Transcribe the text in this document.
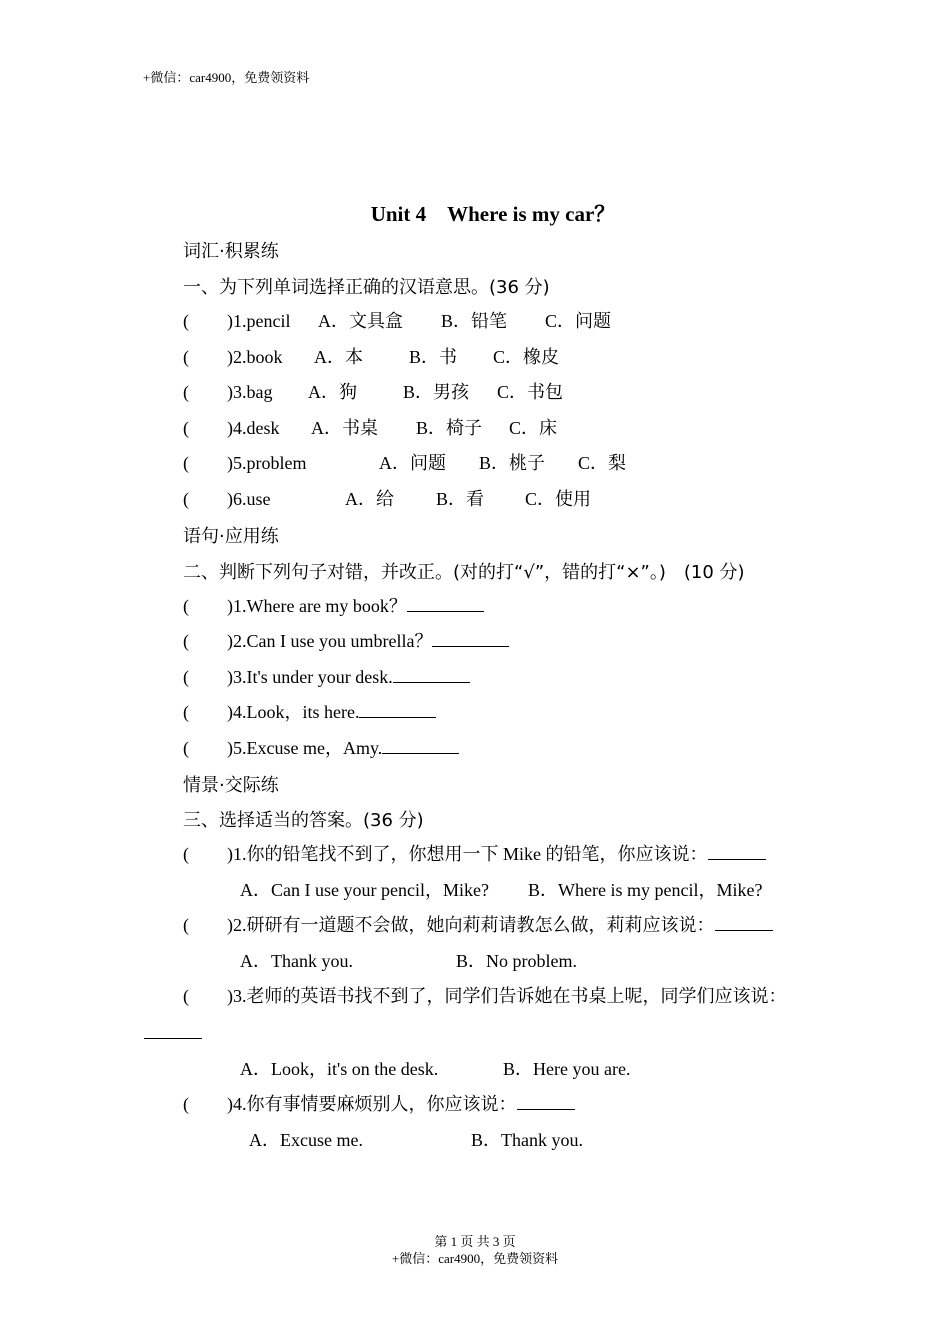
+微信：car4900，免费领资料
Unit 4　Where is my car？
词汇·积累练
一、为下列单词选择正确的汉语意思。(36 分)
( )1.pencil A．文具盒 B．铅笔 C．问题
( )2.book A．本	B．书 C．橡皮
( )3.bag A．狗	B．男孩 C．书包
( )4.desk A．书桌 B．椅子 C．床
( )5.problem	A．问题 B．桃子 C．梨
( )6.use	A．给 B．看 C．使用
语句·应用练
二、判断下列句子对错，并改正。(对的打“√”，错的打“×”。)　(10 分)
( )1.Where are my book？
( )2.Can I use you umbrella？
( )3.It's under your desk.
( )4.Look，its here.
( )5.Excuse me，Amy.
情景·交际练
三、选择适当的答案。(36 分)
( )1.你的铅笔找不到了，你想用一下 Mike 的铅笔，你应该说：
A．Can I use your pencil，Mike? B．Where is my pencil，Mike?
( )2.研研有一道题不会做，她向莉莉请教怎么做，莉莉应该说：
A．Thank you.	B．No problem.
( )3.老师的英语书找不到了，同学们告诉她在书桌上呢，同学们应该说：
A．Look，it's on the desk.	B．Here you are.
( )4.你有事情要麻烦别人，你应该说：
A．Excuse me.	B．Thank you.
第 1 页 共 3 页
+微信：car4900，免费领资料
